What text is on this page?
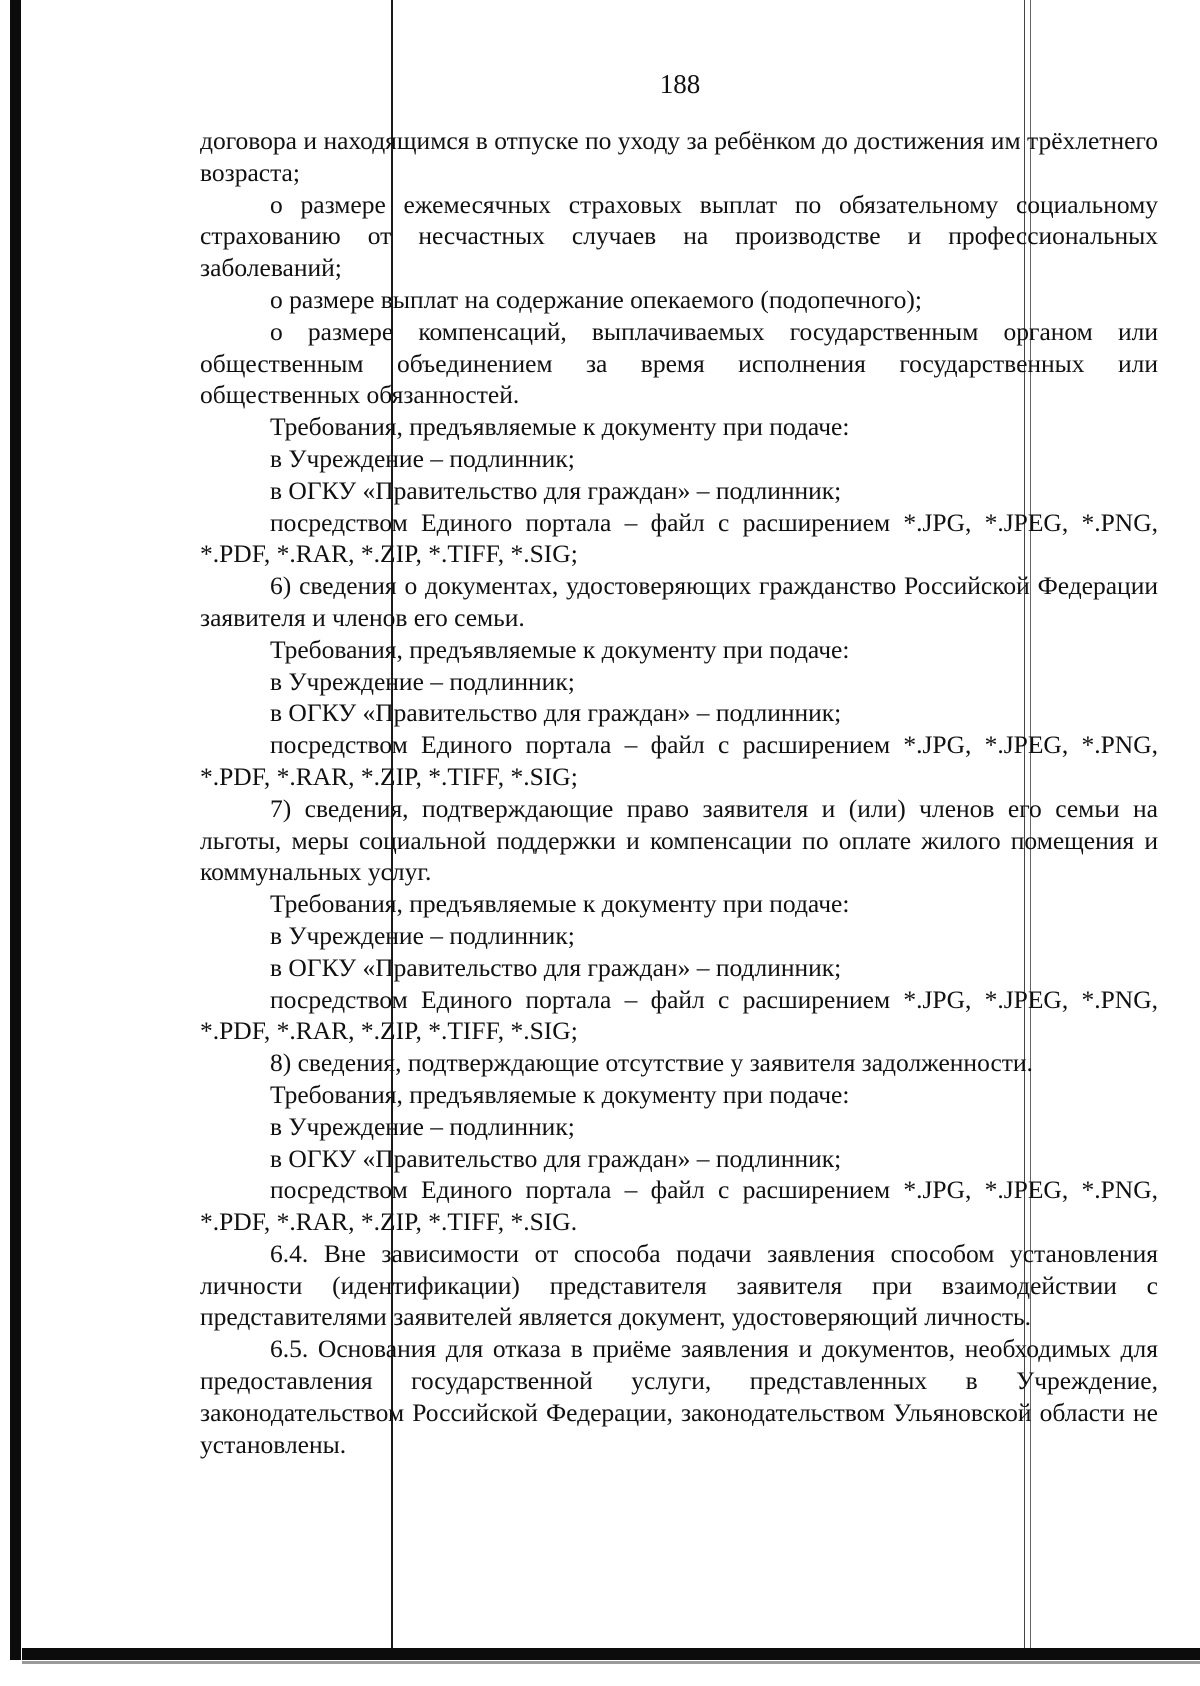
188

договора и находящимся в отпуске по уходу за ребёнком до достижения им трёхлетнего возраста;

о размере ежемесячных страховых выплат по обязательному социальному страхованию от несчастных случаев на производстве и профессиональных заболеваний;

о размере выплат на содержание опекаемого (подопечного);

о размере компенсаций, выплачиваемых государственным органом или общественным объединением за время исполнения государственных или общественных обязанностей.

Требования, предъявляемые к документу при подаче:

в Учреждение – подлинник;

в ОГКУ «Правительство для граждан» – подлинник;

посредством Единого портала – файл с расширением *.JPG, *.JPEG, *.PNG, *.PDF, *.RAR, *.ZIP, *.TIFF, *.SIG;

6) сведения о документах, удостоверяющих гражданство Российской Федерации заявителя и членов его семьи.

Требования, предъявляемые к документу при подаче:

в Учреждение – подлинник;

в ОГКУ «Правительство для граждан» – подлинник;

посредством Единого портала – файл с расширением *.JPG, *.JPEG, *.PNG, *.PDF, *.RAR, *.ZIP, *.TIFF, *.SIG;

7) сведения, подтверждающие право заявителя и (или) членов его семьи на льготы, меры социальной поддержки и компенсации по оплате жилого помещения и коммунальных услуг.

Требования, предъявляемые к документу при подаче:

в Учреждение – подлинник;

в ОГКУ «Правительство для граждан» – подлинник;

посредством Единого портала – файл с расширением *.JPG, *.JPEG, *.PNG, *.PDF, *.RAR, *.ZIP, *.TIFF, *.SIG;

8) сведения, подтверждающие отсутствие у заявителя задолженности.

Требования, предъявляемые к документу при подаче:

в Учреждение – подлинник;

в ОГКУ «Правительство для граждан» – подлинник;

посредством Единого портала – файл с расширением *.JPG, *.JPEG, *.PNG, *.PDF, *.RAR, *.ZIP, *.TIFF, *.SIG.

6.4. Вне зависимости от способа подачи заявления способом установления личности (идентификации) представителя заявителя при взаимодействии с представителями заявителей является документ, удостоверяющий личность.

6.5. Основания для отказа в приёме заявления и документов, необходимых для предоставления государственной услуги, представленных в Учреждение, законодательством Российской Федерации, законодательством Ульяновской области не установлены.
